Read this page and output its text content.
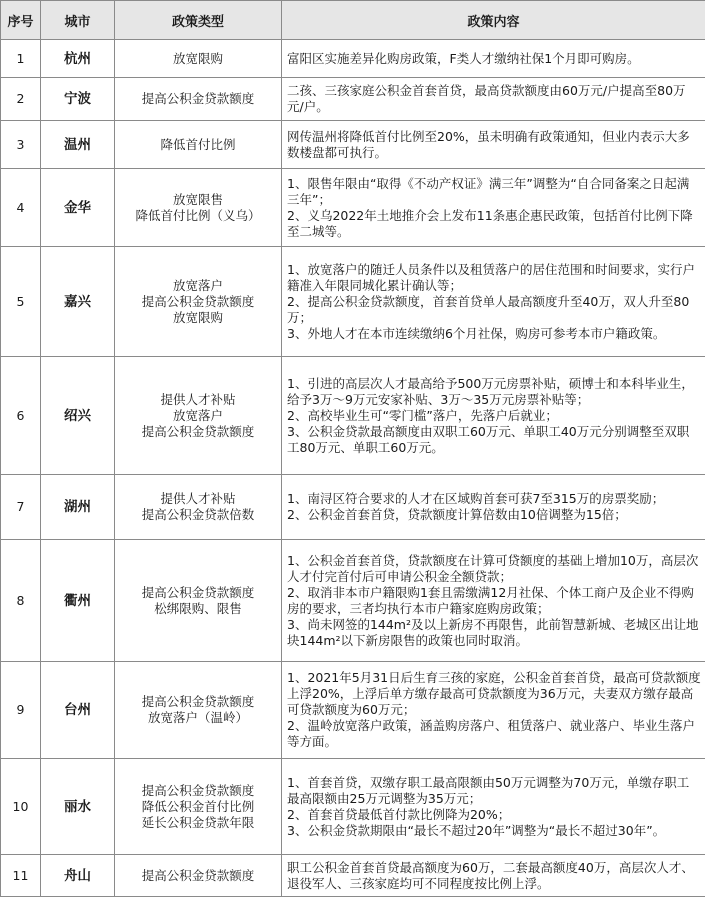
序号	城市	政策类型	政策内容
1	杭州	放宽限购	富阳区实施差异化购房政策，F类人才缴纳社保1个月即可购房。

2	宁波	提高公积金贷款额度	二孩、三孩家庭公积金首套首贷，最高贷款额度由60万元/户提高至80万元/户。

3	温州	降低首付比例	网传温州将降低首付比例至20%，虽未明确有政策通知，但业内表示大多数楼盘都可执行。

4	金华	放宽限售
降低首付比例（义乌）	1、限售年限由“取得《不动产权证》满三年”调整为“自合同备案之日起满三年”；
2、义乌2022年土地推介会上发布11条惠企惠民政策，包括首付比例下降至二城等。

5	嘉兴	放宽落户
提高公积金贷款额度
放宽限购	1、放宽落户的随迁人员条件以及租赁落户的居住范围和时间要求，实行户籍准入年限同城化累计确认等；
2、提高公积金贷款额度，首套首贷单人最高额度升至40万，双人升至80万；
3、外地人才在本市连续缴纳6个月社保，购房可参考本市户籍政策。

6	绍兴	提供人才补贴
放宽落户
提高公积金贷款额度	1、引进的高层次人才最高给予500万元房票补贴，硕博士和本科毕业生，给予3万～9万元安家补贴、3万～35万元房票补贴等；
2、高校毕业生可“零门槛”落户，先落户后就业；
3、公积金贷款最高额度由双职工60万元、单职工40万元分别调整至双职工80万元、单职工60万元。

7	湖州	提供人才补贴
提高公积金贷款倍数	1、南浔区符合要求的人才在区域购首套可获7至315万的房票奖励；
2、公积金首套首贷，贷款额度计算倍数由10倍调整为15倍；

8	衢州	提高公积金贷款额度
松绑限购、限售	1、公积金首套首贷，贷款额度在计算可贷额度的基础上增加10万，高层次人才付完首付后可申请公积金全额贷款；
2、取消非本市户籍限购1套且需缴满12月社保、个体工商户及企业不得购房的要求，三者均执行本市户籍家庭购房政策；
3、尚未网签的144m²及以上新房不再限售，此前智慧新城、老城区出让地块144m²以下新房限售的政策也同时取消。

9	台州	提高公积金贷款额度
放宽落户（温岭）	1、2021年5月31日后生育三孩的家庭，公积金首套首贷，最高可贷款额度上浮20%，上浮后单方缴存最高可贷款额度为36万元，夫妻双方缴存最高可贷款额度为60万元；
2、温岭放宽落户政策，涵盖购房落户、租赁落户、就业落户、毕业生落户等方面。

10	丽水	提高公积金贷款额度
降低公积金首付比例
延长公积金贷款年限	1、首套首贷，双缴存职工最高限额由50万元调整为70万元，单缴存职工最高限额由25万元调整为35万元；
2、首套首贷最低首付款比例降为20%；
3、公积金贷款期限由“最长不超过20年”调整为“最长不超过30年”。

11	舟山	提高公积金贷款额度	职工公积金首套首贷最高额度为60万，二套最高额度40万，高层次人才、退役军人、三孩家庭均可不同程度按比例上浮。
